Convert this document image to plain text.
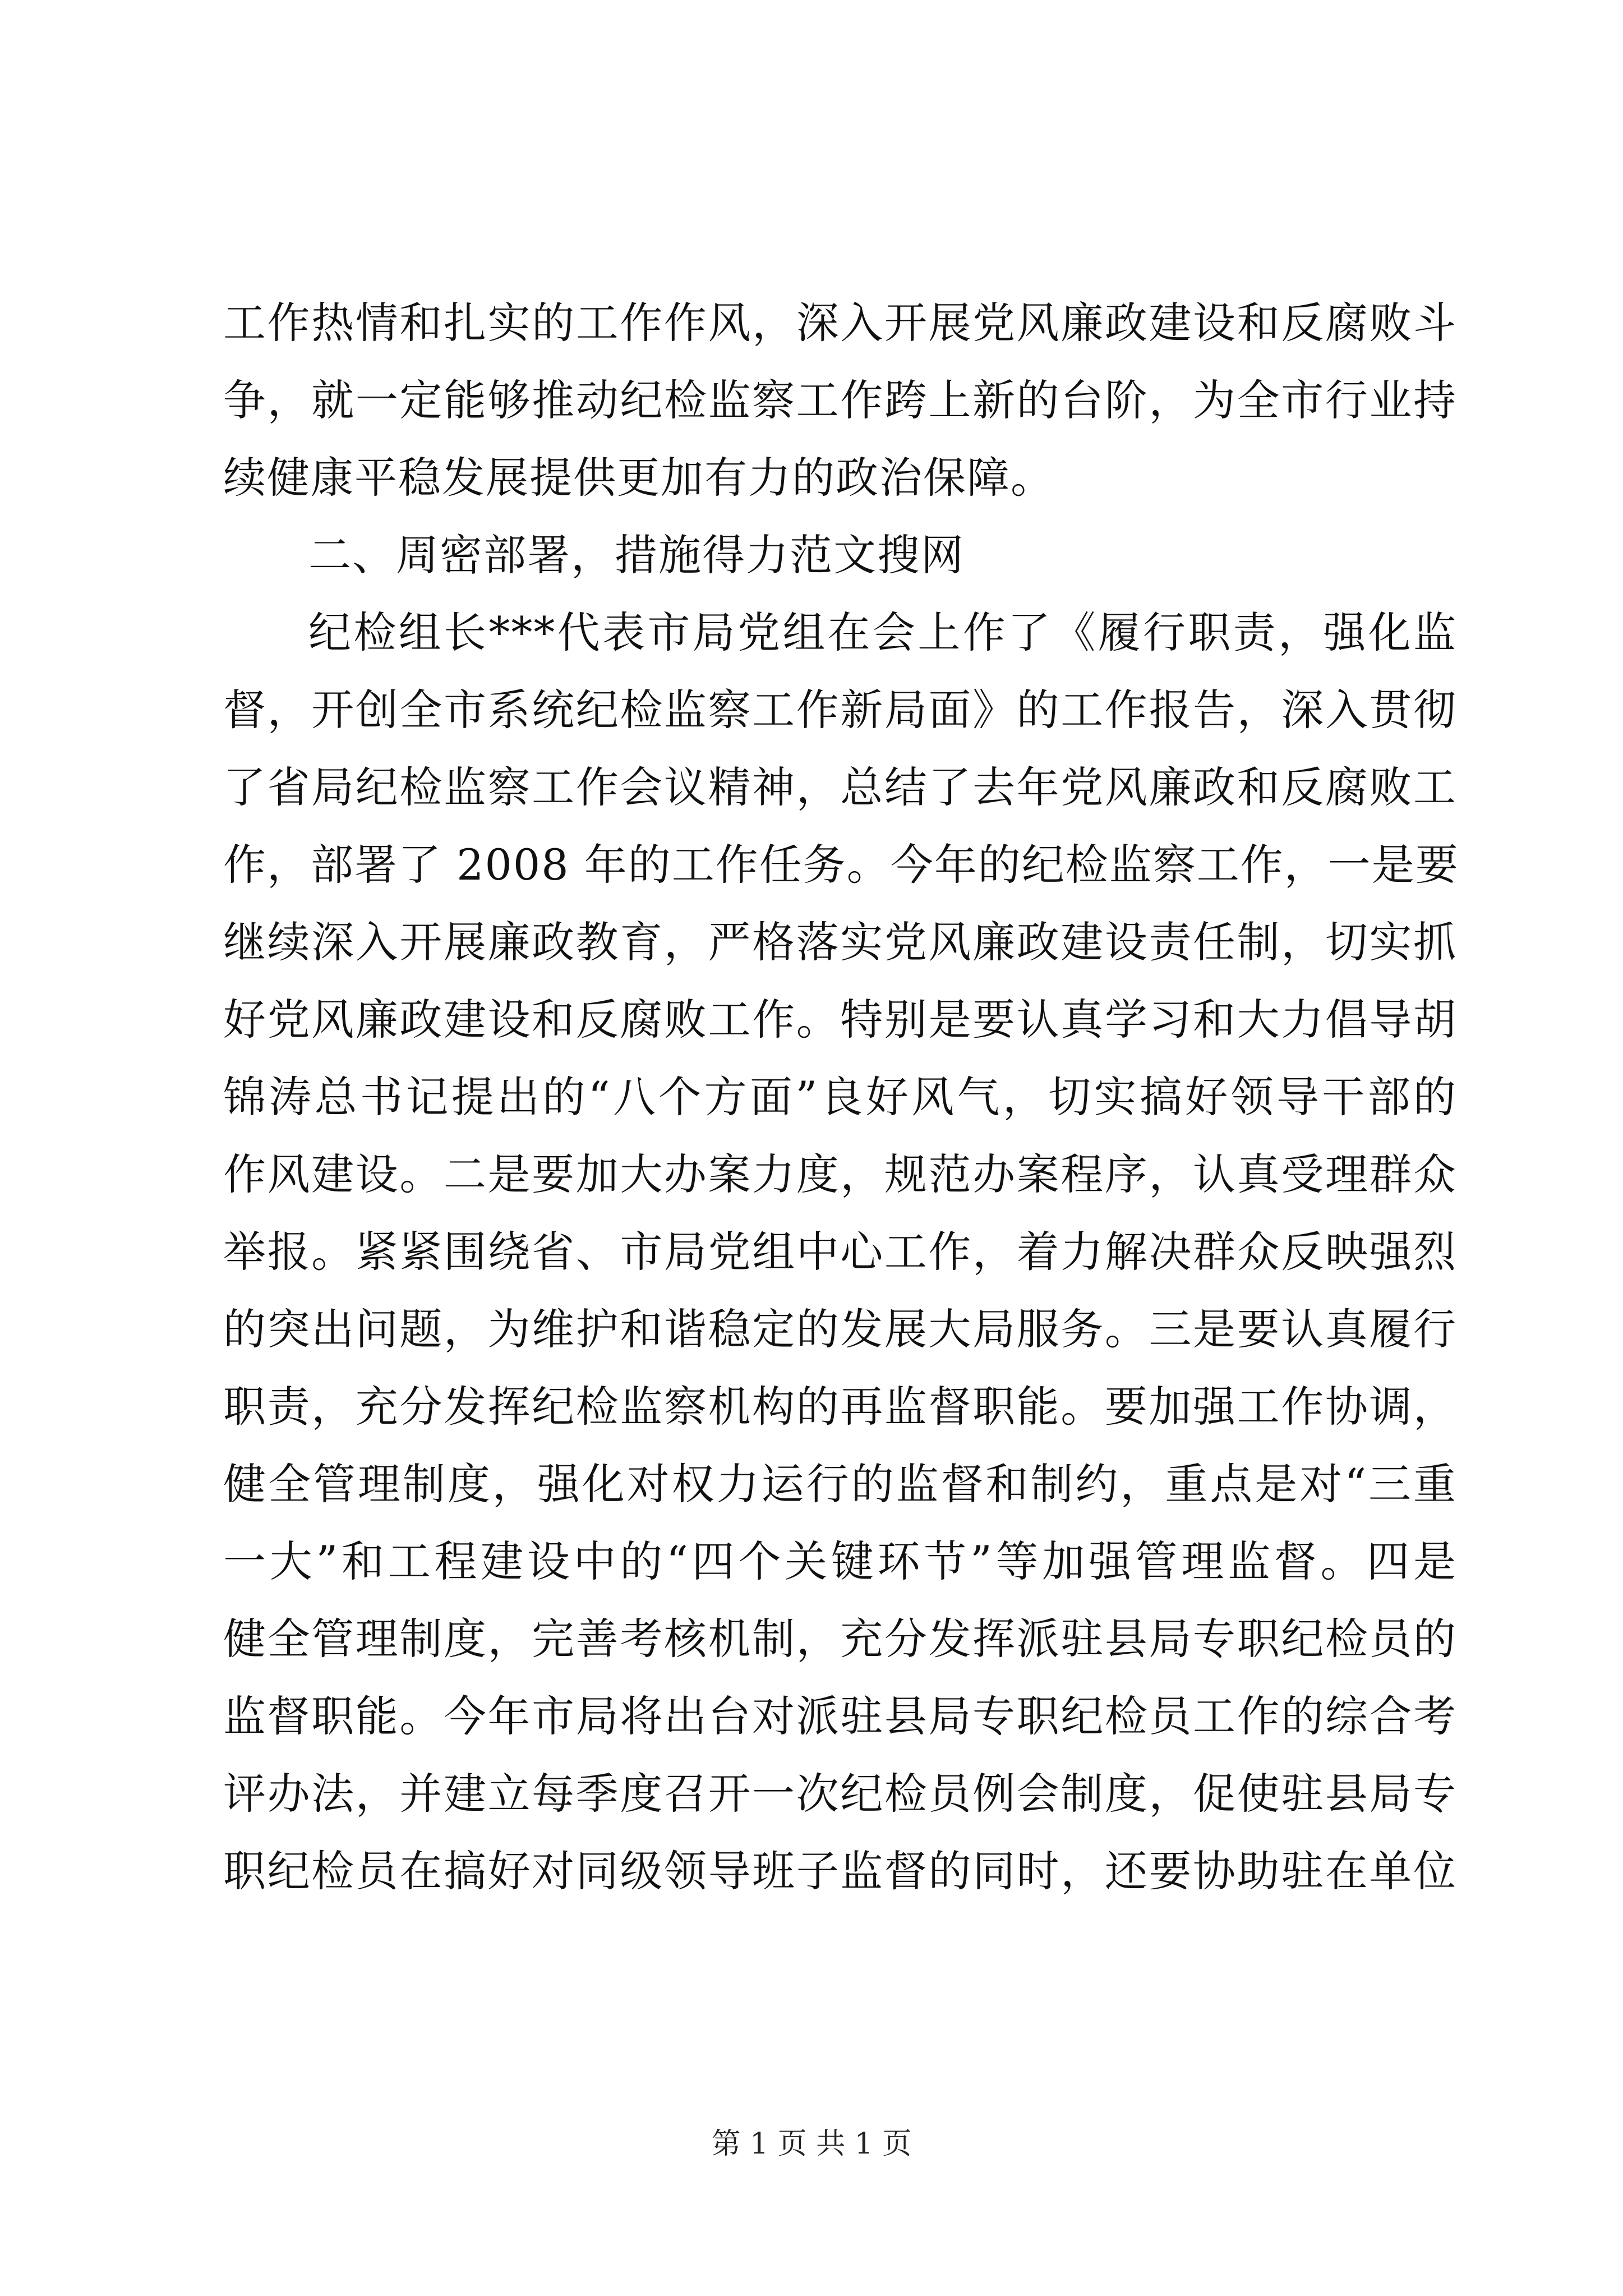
工作热情和扎实的工作作风，深入开展党风廉政建设和反腐败斗
争，就一定能够推动纪检监察工作跨上新的台阶，为全市行业持
续健康平稳发展提供更加有力的政治保障。
二、周密部署，措施得力范文搜网
纪检组长***代表市局党组在会上作了《履行职责，强化监
督，开创全市系统纪检监察工作新局面》的工作报告，深入贯彻
了省局纪检监察工作会议精神，总结了去年党风廉政和反腐败工
作，部署了 2008 年的工作任务。今年的纪检监察工作，一是要
继续深入开展廉政教育，严格落实党风廉政建设责任制，切实抓
好党风廉政建设和反腐败工作。特别是要认真学习和大力倡导胡
锦涛总书记提出的“八个方面”良好风气，切实搞好领导干部的
作风建设。二是要加大办案力度，规范办案程序，认真受理群众
举报。紧紧围绕省、市局党组中心工作，着力解决群众反映强烈
的突出问题，为维护和谐稳定的发展大局服务。三是要认真履行
职责，充分发挥纪检监察机构的再监督职能。要加强工作协调，
健全管理制度，强化对权力运行的监督和制约，重点是对“三重
一大”和工程建设中的“四个关键环节”等加强管理监督。四是
健全管理制度，完善考核机制，充分发挥派驻县局专职纪检员的
监督职能。今年市局将出台对派驻县局专职纪检员工作的综合考
评办法，并建立每季度召开一次纪检员例会制度，促使驻县局专
职纪检员在搞好对同级领导班子监督的同时，还要协助驻在单位
第 1 页 共 1 页
